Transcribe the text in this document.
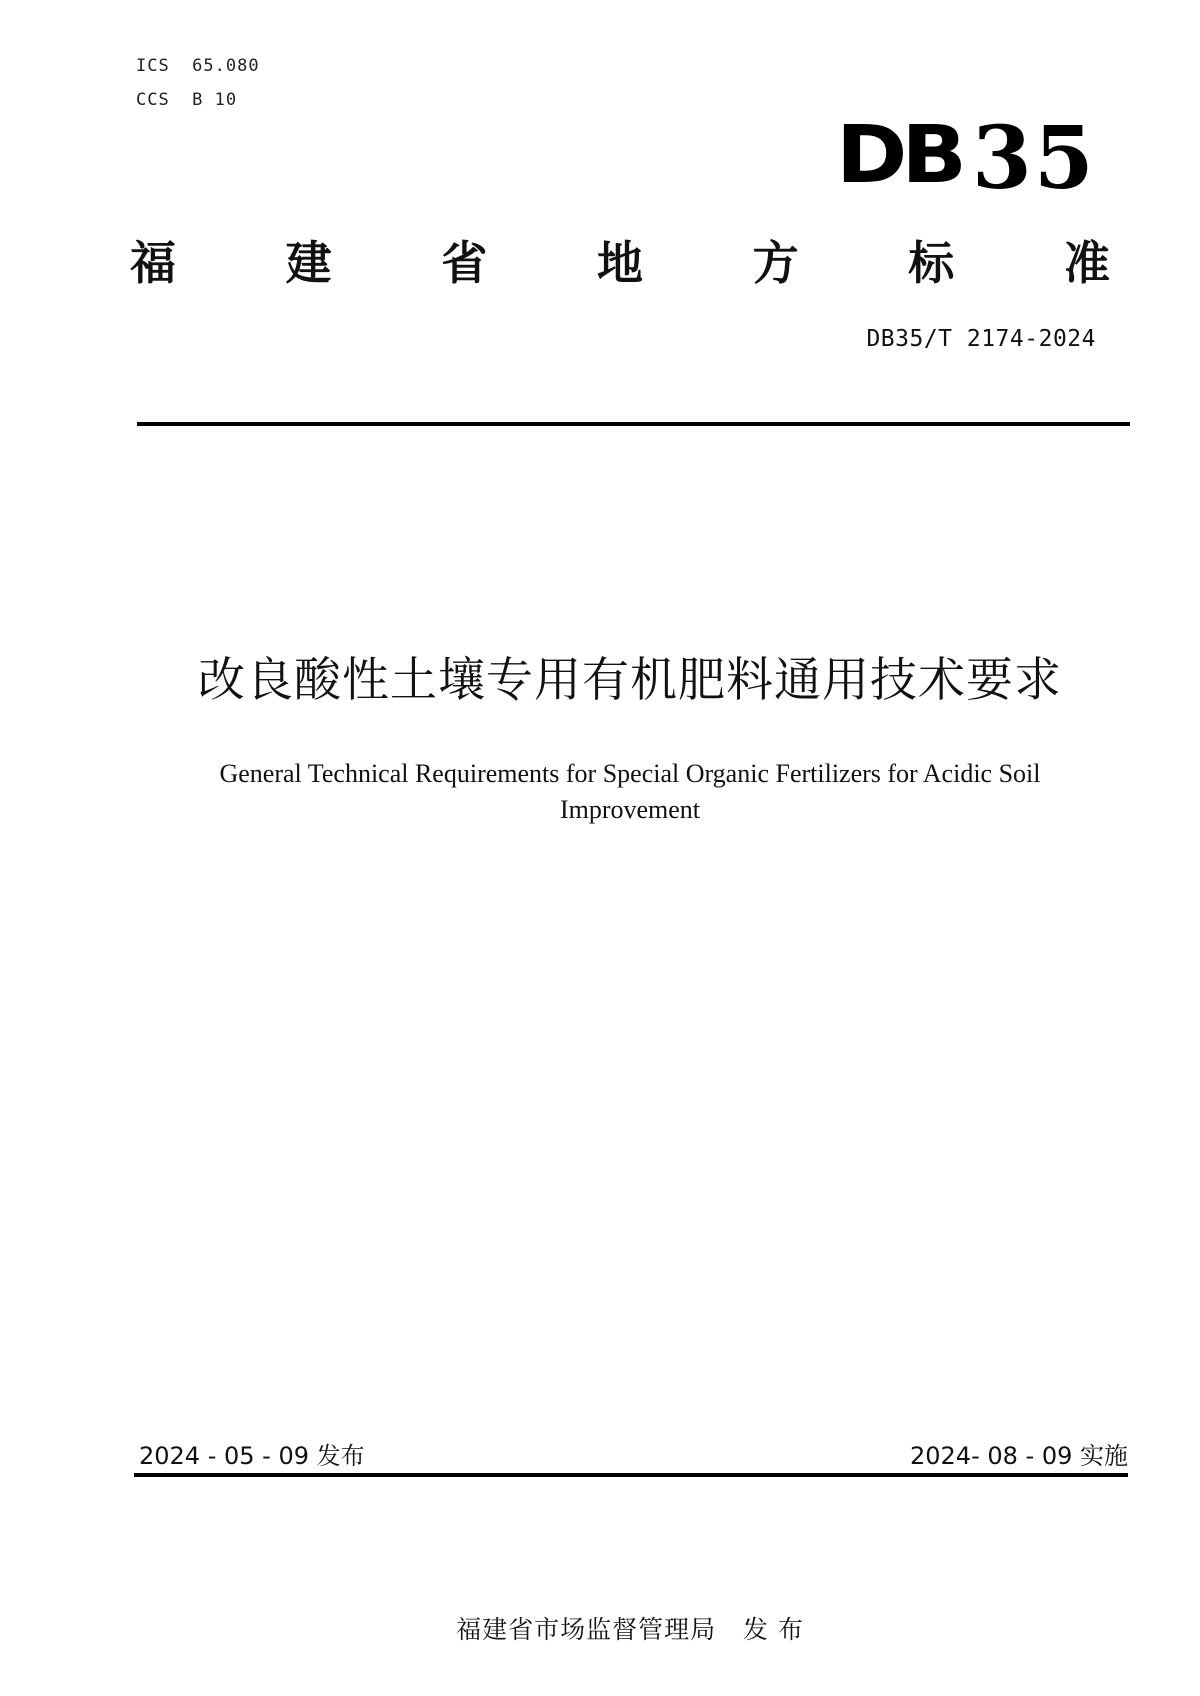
ICS  65.080
CCS  B 10
DB 35
福 建 省 地 方 标 准
DB35/T 2174-2024
改良酸性土壤专用有机肥料通用技术要求
General Technical Requirements for Special Organic Fertilizers for Acidic Soil Improvement
2024 - 05 - 09 发布	2024- 08 - 09 实施
福建省市场监督管理局   发 布
